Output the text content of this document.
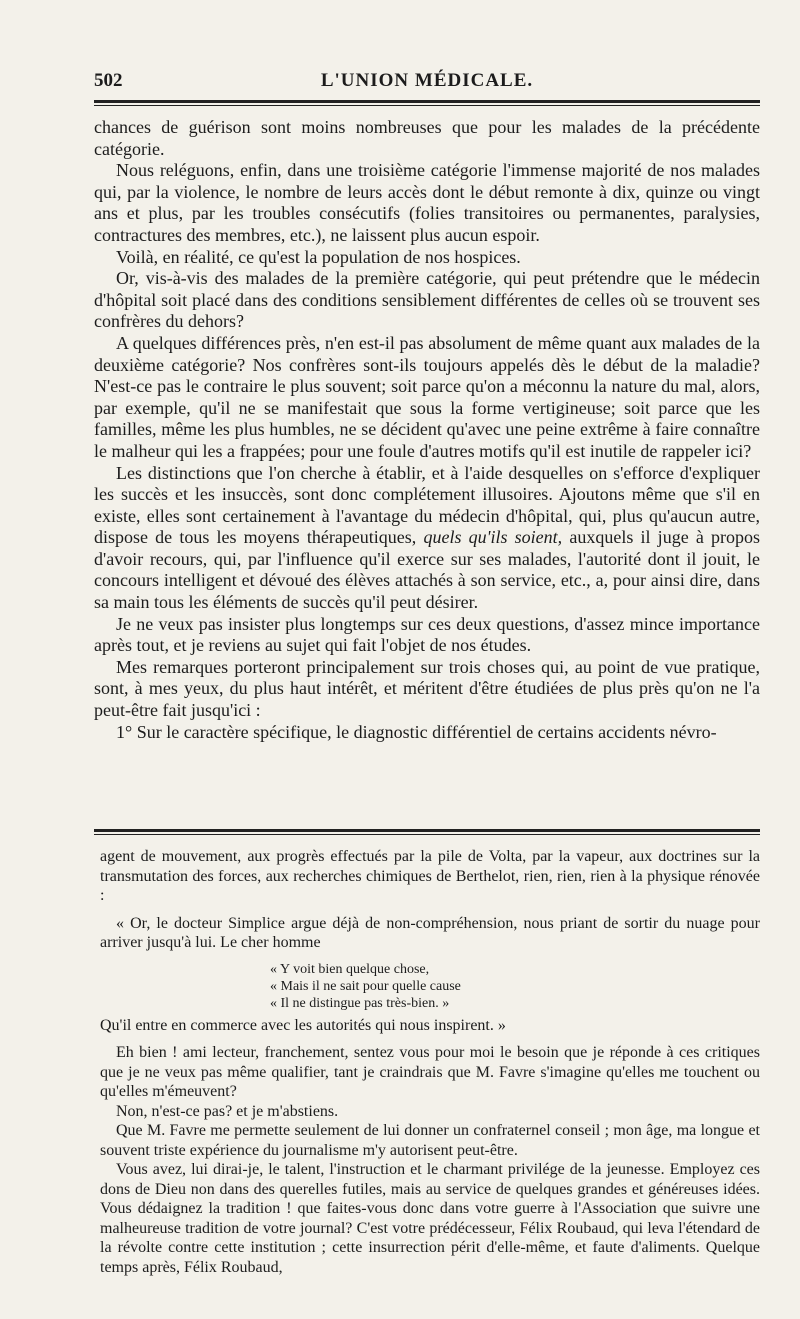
502	L'UNION MÉDICALE.

chances de guérison sont moins nombreuses que pour les malades de la précédente catégorie.

Nous reléguons, enfin, dans une troisième catégorie l'immense majorité de nos malades qui, par la violence, le nombre de leurs accès dont le début remonte à dix, quinze ou vingt ans et plus, par les troubles consécutifs (folies transitoires ou permanentes, paralysies, contractures des membres, etc.), ne laissent plus aucun espoir.

Voilà, en réalité, ce qu'est la population de nos hospices.

Or, vis-à-vis des malades de la première catégorie, qui peut prétendre que le médecin d'hôpital soit placé dans des conditions sensiblement différentes de celles où se trouvent ses confrères du dehors?

A quelques différences près, n'en est-il pas absolument de même quant aux malades de la deuxième catégorie? Nos confrères sont-ils toujours appelés dès le début de la maladie? N'est-ce pas le contraire le plus souvent; soit parce qu'on a méconnu la nature du mal, alors, par exemple, qu'il ne se manifestait que sous la forme vertigineuse; soit parce que les familles, même les plus humbles, ne se décident qu'avec une peine extrême à faire connaître le malheur qui les a frappées; pour une foule d'autres motifs qu'il est inutile de rappeler ici?

Les distinctions que l'on cherche à établir, et à l'aide desquelles on s'efforce d'expliquer les succès et les insuccès, sont donc complétement illusoires. Ajoutons même que s'il en existe, elles sont certainement à l'avantage du médecin d'hôpital, qui, plus qu'aucun autre, dispose de tous les moyens thérapeutiques, quels qu'ils soient, auxquels il juge à propos d'avoir recours, qui, par l'influence qu'il exerce sur ses malades, l'autorité dont il jouit, le concours intelligent et dévoué des élèves attachés à son service, etc., a, pour ainsi dire, dans sa main tous les éléments de succès qu'il peut désirer.

Je ne veux pas insister plus longtemps sur ces deux questions, d'assez mince importance après tout, et je reviens au sujet qui fait l'objet de nos études.

Mes remarques porteront principalement sur trois choses qui, au point de vue pratique, sont, à mes yeux, du plus haut intérêt, et méritent d'être étudiées de plus près qu'on ne l'a peut-être fait jusqu'ici :

1° Sur le caractère spécifique, le diagnostic différentiel de certains accidents névro-

agent de mouvement, aux progrès effectués par la pile de Volta, par la vapeur, aux doctrines sur la transmutation des forces, aux recherches chimiques de Berthelot, rien, rien, rien à la physique rénovée :

« Or, le docteur Simplice argue déjà de non-compréhension, nous priant de sortir du nuage pour arriver jusqu'à lui. Le cher homme

« Y voit bien quelque chose,
« Mais il ne sait pour quelle cause
« Il ne distingue pas très-bien. »

Qu'il entre en commerce avec les autorités qui nous inspirent. »

Eh bien ! ami lecteur, franchement, sentez vous pour moi le besoin que je réponde à ces critiques que je ne veux pas même qualifier, tant je craindrais que M. Favre s'imagine qu'elles me touchent ou qu'elles m'émeuvent?

Non, n'est-ce pas? et je m'abstiens.

Que M. Favre me permette seulement de lui donner un confraternel conseil ; mon âge, ma longue et souvent triste expérience du journalisme m'y autorisent peut-être.

Vous avez, lui dirai-je, le talent, l'instruction et le charmant privilége de la jeunesse. Employez ces dons de Dieu non dans des querelles futiles, mais au service de quelques grandes et généreuses idées. Vous dédaignez la tradition ! que faites-vous donc dans votre guerre à l'Association que suivre une malheureuse tradition de votre journal? C'est votre prédécesseur, Félix Roubaud, qui leva l'étendard de la révolte contre cette institution ; cette insurrection périt d'elle-même, et faute d'aliments. Quelque temps après, Félix Roubaud,
